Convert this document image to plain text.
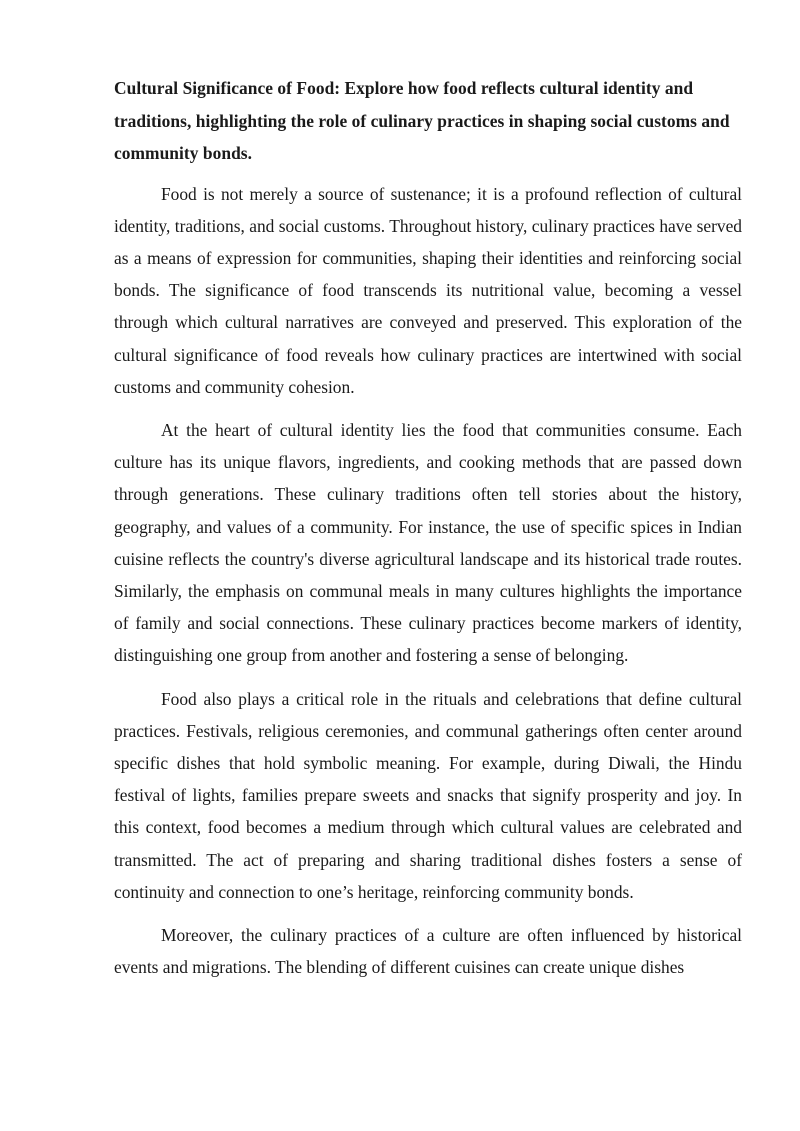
Cultural Significance of Food: Explore how food reflects cultural identity and traditions, highlighting the role of culinary practices in shaping social customs and community bonds.

Food is not merely a source of sustenance; it is a profound reflection of cultural identity, traditions, and social customs. Throughout history, culinary practices have served as a means of expression for communities, shaping their identities and reinforcing social bonds. The significance of food transcends its nutritional value, becoming a vessel through which cultural narratives are conveyed and preserved. This exploration of the cultural significance of food reveals how culinary practices are intertwined with social customs and community cohesion.

At the heart of cultural identity lies the food that communities consume. Each culture has its unique flavors, ingredients, and cooking methods that are passed down through generations. These culinary traditions often tell stories about the history, geography, and values of a community. For instance, the use of specific spices in Indian cuisine reflects the country's diverse agricultural landscape and its historical trade routes. Similarly, the emphasis on communal meals in many cultures highlights the importance of family and social connections. These culinary practices become markers of identity, distinguishing one group from another and fostering a sense of belonging.

Food also plays a critical role in the rituals and celebrations that define cultural practices. Festivals, religious ceremonies, and communal gatherings often center around specific dishes that hold symbolic meaning. For example, during Diwali, the Hindu festival of lights, families prepare sweets and snacks that signify prosperity and joy. In this context, food becomes a medium through which cultural values are celebrated and transmitted. The act of preparing and sharing traditional dishes fosters a sense of continuity and connection to one’s heritage, reinforcing community bonds.

Moreover, the culinary practices of a culture are often influenced by historical events and migrations. The blending of different cuisines can create unique dishes
